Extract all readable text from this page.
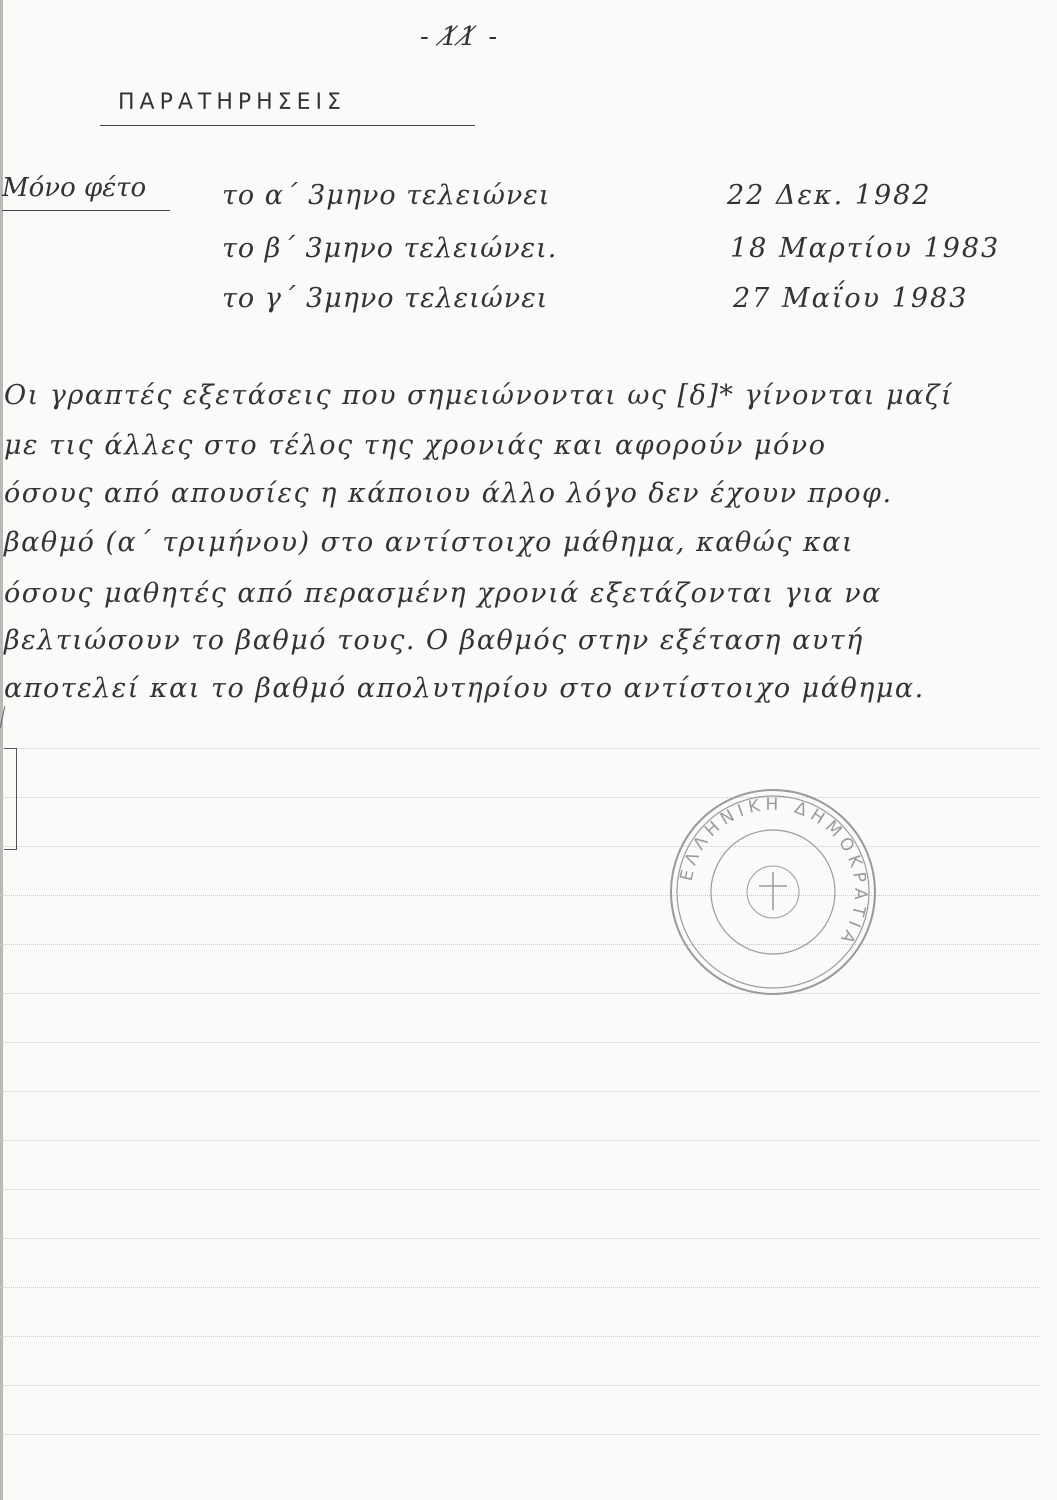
- 1̸1̸ -
ΠΑΡΑΤΗΡΗΣΕΙΣ
Μόνο φέτο	το α΄ 3μηνο τελειώνει	22 Δεκ. 1982
το β΄ 3μηνο τελειώνει.	18 Μαρτίου 1983
το γ΄ 3μηνο τελειώνει	27 Μαΐου 1983
Οι γραπτές εξετάσεις που σημειώνονται ως [δ]* γίνονται μαζί
με τις άλλες στο τέλος της χρονιάς και αφορούν μόνο
όσους από απουσίες η κάποιου άλλο λόγο δεν έχουν προφ.
βαθμό (α΄ τριμήνου) στο αντίστοιχο μάθημα, καθώς και
όσους μαθητές από περασμένη χρονιά εξετάζονται για να
βελτιώσουν το βαθμό τους. Ο βαθμός στην εξέταση αυτή
αποτελεί και το βαθμό απολυτηρίου στο αντίστοιχο μάθημα.
ΕΛΛΗΝΙΚΗ ΔΗΜΟΚΡΑΤΙΑ
